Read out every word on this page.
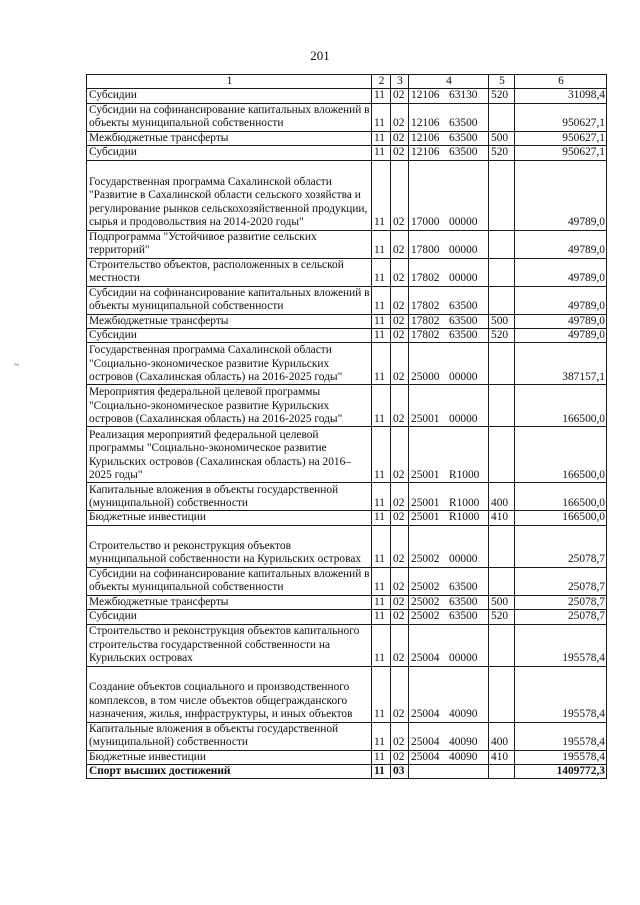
201
~
1	2	3	4	5	6
Субсидии	11	02	12106 63130	520	31098,4
Субсидии на софинансирование капитальных вложений в объекты муниципальной собственности	11	02	12106 63500		950627,1
Межбюджетные трансферты	11	02	12106 63500	500	950627,1
Субсидии	11	02	12106 63500	520	950627,1
Государственная программа Сахалинской области "Развитие в Сахалинской области сельского хозяйства и регулирование рынков сельскохозяйственной продукции, сырья и продовольствия на 2014-2020 годы"	11	02	17000 00000		49789,0
Подпрограмма "Устойчивое развитие сельских территорий"	11	02	17800 00000		49789,0
Строительство объектов, расположенных в сельской местности	11	02	17802 00000		49789,0
Субсидии на софинансирование капитальных вложений в объекты муниципальной собственности	11	02	17802 63500		49789,0
Межбюджетные трансферты	11	02	17802 63500	500	49789,0
Субсидии	11	02	17802 63500	520	49789,0
Государственная программа Сахалинской области "Социально-экономическое развитие Курильских островов (Сахалинская область) на 2016-2025 годы"	11	02	25000 00000		387157,1
Мероприятия федеральной целевой программы "Социально-экономическое развитие Курильских островов (Сахалинская область) на 2016-2025 годы"	11	02	25001 00000		166500,0
Реализация мероприятий федеральной целевой программы "Социально-экономическое развитие Курильских островов (Сахалинская область) на 2016–2025 годы"	11	02	25001 R1000		166500,0
Капитальные вложения в объекты государственной (муниципальной) собственности	11	02	25001 R1000	400	166500,0
Бюджетные инвестиции	11	02	25001 R1000	410	166500,0
Строительство и реконструкция объектов муниципальной собственности на Курильских островах	11	02	25002 00000		25078,7
Субсидии на софинансирование капитальных вложений в объекты муниципальной собственности	11	02	25002 63500		25078,7
Межбюджетные трансферты	11	02	25002 63500	500	25078,7
Субсидии	11	02	25002 63500	520	25078,7
Строительство и реконструкция объектов капитального строительства государственной собственности на Курильских островах	11	02	25004 00000		195578,4
Создание объектов социального и производственного комплексов, в том числе объектов общегражданского назначения, жилья, инфраструктуры, и иных объектов	11	02	25004 40090		195578,4
Капитальные вложения в объекты государственной (муниципальной) собственности	11	02	25004 40090	400	195578,4
Бюджетные инвестиции	11	02	25004 40090	410	195578,4
Спорт высших достижений	11	03			1409772,3
